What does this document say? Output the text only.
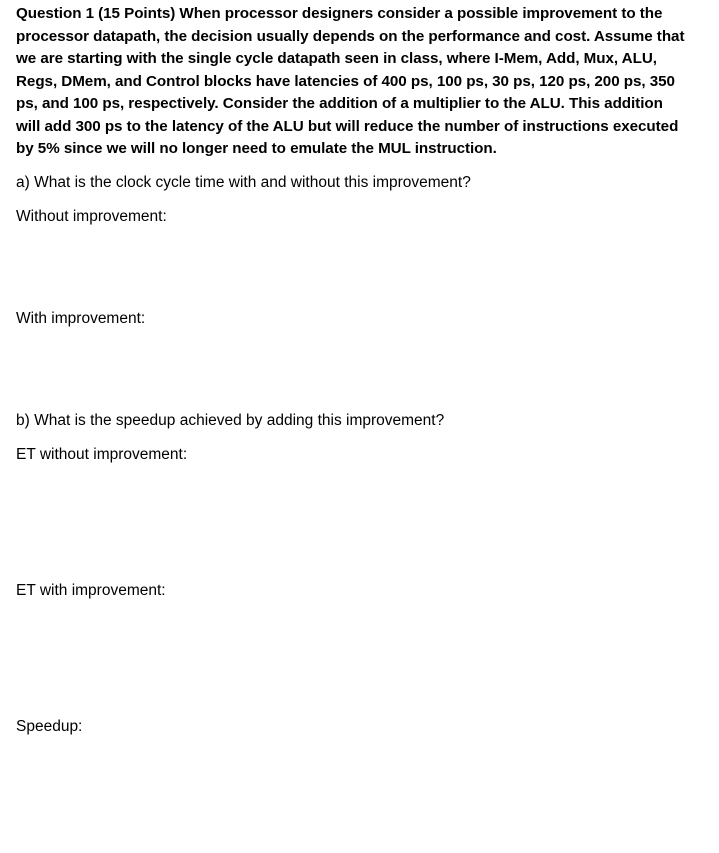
Question 1 (15 Points) When processor designers consider a possible improvement to the processor datapath, the decision usually depends on the performance and cost. Assume that we are starting with the single cycle datapath seen in class, where I-Mem, Add, Mux, ALU, Regs, DMem, and Control blocks have latencies of 400 ps, 100 ps, 30 ps, 120 ps, 200 ps, 350 ps, and 100 ps, respectively. Consider the addition of a multiplier to the ALU. This addition will add 300 ps to the latency of the ALU but will reduce the number of instructions executed by 5% since we will no longer need to emulate the MUL instruction.
a) What is the clock cycle time with and without this improvement?
Without improvement:
With improvement:
b) What is the speedup achieved by adding this improvement?
ET without improvement:
ET with improvement:
Speedup:
